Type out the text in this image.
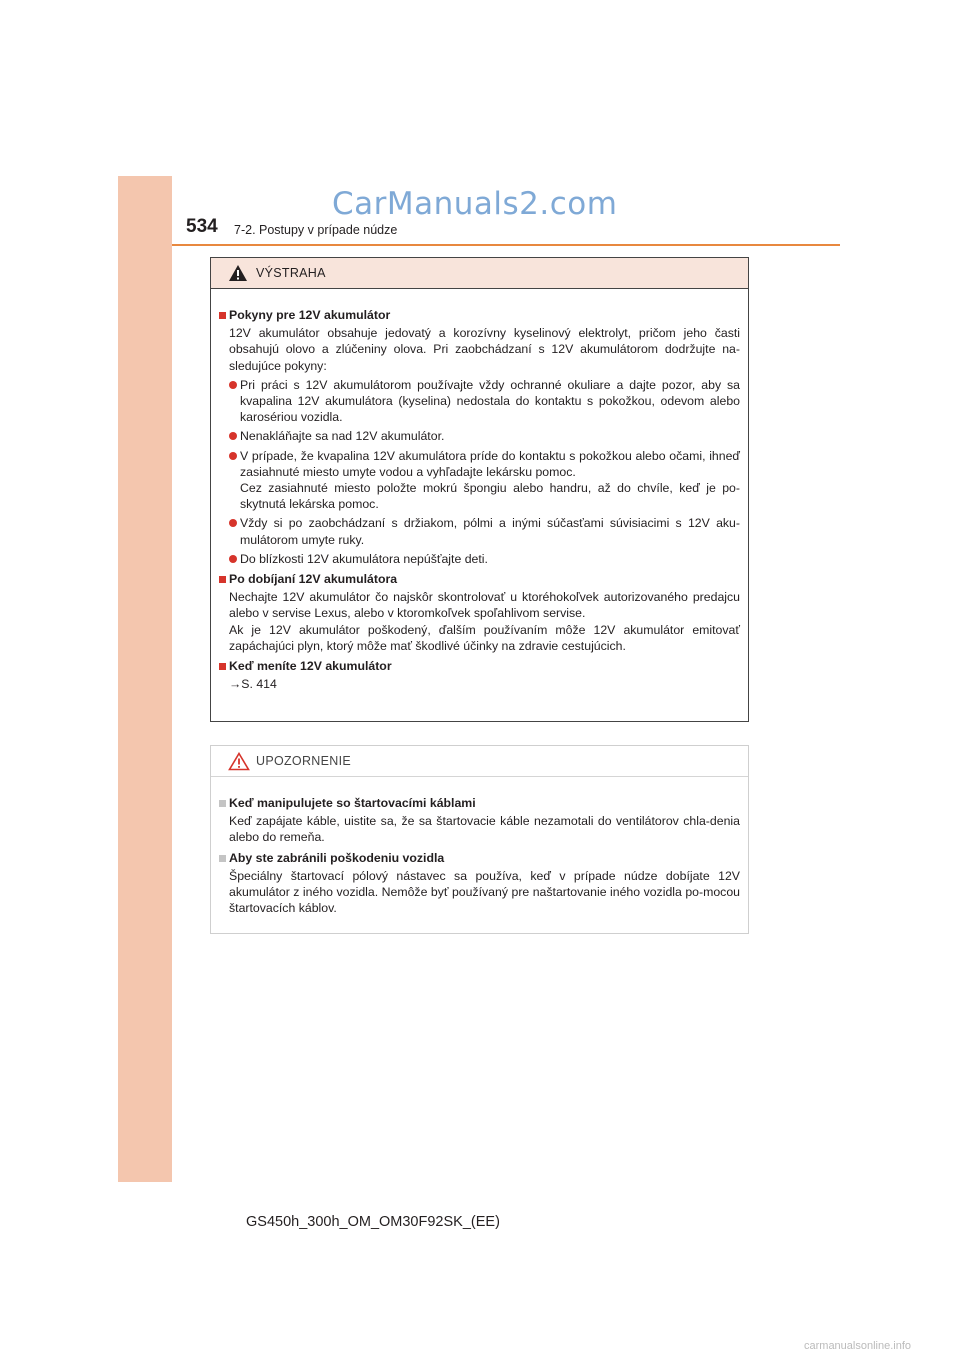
CarManuals2.com
534 7-2. Postupy v prípade núdze
VÝSTRAHA
Pokyny pre 12V akumulátor
12V akumulátor obsahuje jedovatý a korozívny kyselinový elektrolyt, pričom jeho časti obsahujú olovo a zlúčeniny olova. Pri zaobchádzaní s 12V akumulátorom dodržujte na-sledujúce pokyny:
Pri práci s 12V akumulátorom používajte vždy ochranné okuliare a dajte pozor, aby sa kvapalina 12V akumulátora (kyselina) nedostala do kontaktu s pokožkou, odevom alebo karosériou vozidla.
Nenakláňajte sa nad 12V akumulátor.
V prípade, že kvapalina 12V akumulátora príde do kontaktu s pokožkou alebo očami, ihneď zasiahnuté miesto umyte vodou a vyhľadajte lekársku pomoc.
Cez zasiahnuté miesto položte mokrú špongiu alebo handru, až do chvíle, keď je po-skytnutá lekárska pomoc.
Vždy si po zaobchádzaní s držiakom, pólmi a inými súčasťami súvisiacimi s 12V aku-mulátorom umyte ruky.
Do blízkosti 12V akumulátora nepúšťajte deti.
Po dobíjaní 12V akumulátora
Nechajte 12V akumulátor čo najskôr skontrolovať u ktoréhokoľvek autorizovaného predajcu alebo v servise Lexus, alebo v ktoromkoľvek spoľahlivom servise.
Ak je 12V akumulátor poškodený, ďalším používaním môže 12V akumulátor emitovať zapáchajúci plyn, ktorý môže mať škodlivé účinky na zdravie cestujúcich.
Keď meníte 12V akumulátor
→S. 414
UPOZORNENIE
Keď manipulujete so štartovacími káblami
Keď zapájate káble, uistite sa, že sa štartovacie káble nezamotali do ventilátorov chla-denia alebo do remeňa.
Aby ste zabránili poškodeniu vozidla
Špeciálny štartovací pólový nástavec sa používa, keď v prípade núdze dobíjate 12V akumulátor z iného vozidla. Nemôže byť používaný pre naštartovanie iného vozidla po-mocou štartovacích káblov.
GS450h_300h_OM_OM30F92SK_(EE)
carmanualsonline.info
